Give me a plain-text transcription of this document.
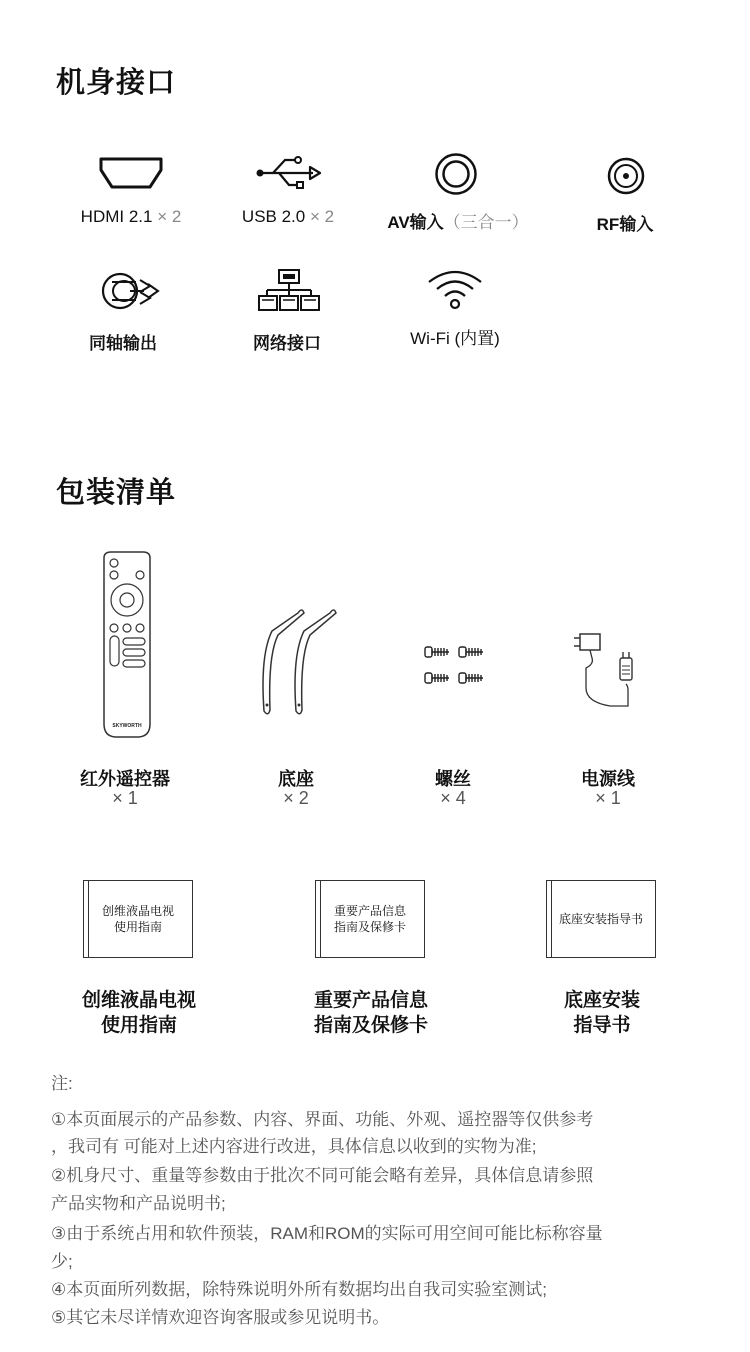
机身接口
HDMI 2.1 × 2	USB 2.0 × 2	AV输入（三合一）	RF输入
同轴输出	网络接口	Wi-Fi (内置)
包装清单
SKYWORTH
红外遥控器
× 1
底座
× 2
螺丝
× 4
电源线
× 1
创维液晶电视
使用指南
创维液晶电视
使用指南
重要产品信息
指南及保修卡
重要产品信息
指南及保修卡
底座安装指导书
底座安装
指导书
注:
①本页面展示的产品参数、内容、界面、功能、外观、遥控器等仅供参考
，我司有 可能对上述内容进行改进，具体信息以收到的实物为准;
②机身尺寸、重量等参数由于批次不同可能会略有差异，具体信息请参照
产品实物和产品说明书;
③由于系统占用和软件预装，RAM和ROM的实际可用空间可能比标称容量
少;
④本页面所列数据，除特殊说明外所有数据均出自我司实验室测试;
⑤其它未尽详情欢迎咨询客服或参见说明书。
